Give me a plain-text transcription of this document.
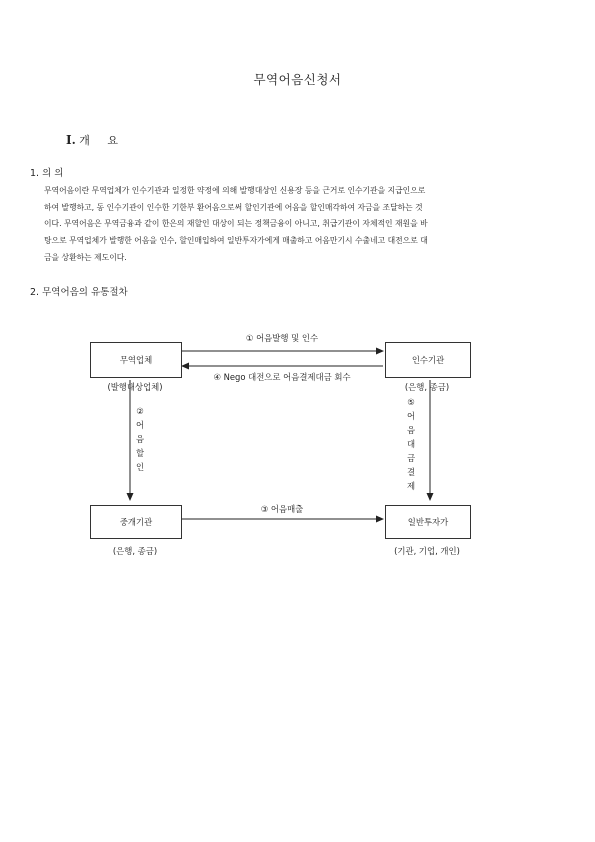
무역어음신청서
Ⅰ. 개     요
1. 의 의
무역어음이란 무역업체가 인수기관과 일정한 약정에 의해 발행대상인 신용장 등을 근거로 인수기관을 지급인으로
하여 발행하고, 동 인수기관이 인수한 기한부 환어음으로써 할인기관에 어음을 할인매각하여 자금을 조달하는 것
이다. 무역어음은 무역금융과 같이 한은의 재할인 대상이 되는 정책금융이 아니고, 취급기관이 자체적인 재원을 바
탕으로 무역업체가 발행한 어음을 인수, 할인매입하여 일반투자가에게 매출하고 어음만기시 수출네고 대전으로 대
금을 상환하는 제도이다.
2. 무역어음의 유통절차
무역업체
(발행대상업체)
인수기관
(은행, 종금)
중개기관
(은행, 종금)
일반투자가
(기관, 기업, 개인)
① 어음발행 및 인수
④ Nego 대전으로 어음결제대금 회수
③ 어음매출
②
어
음
할
인
⑤
어
음
대
금
결
제
